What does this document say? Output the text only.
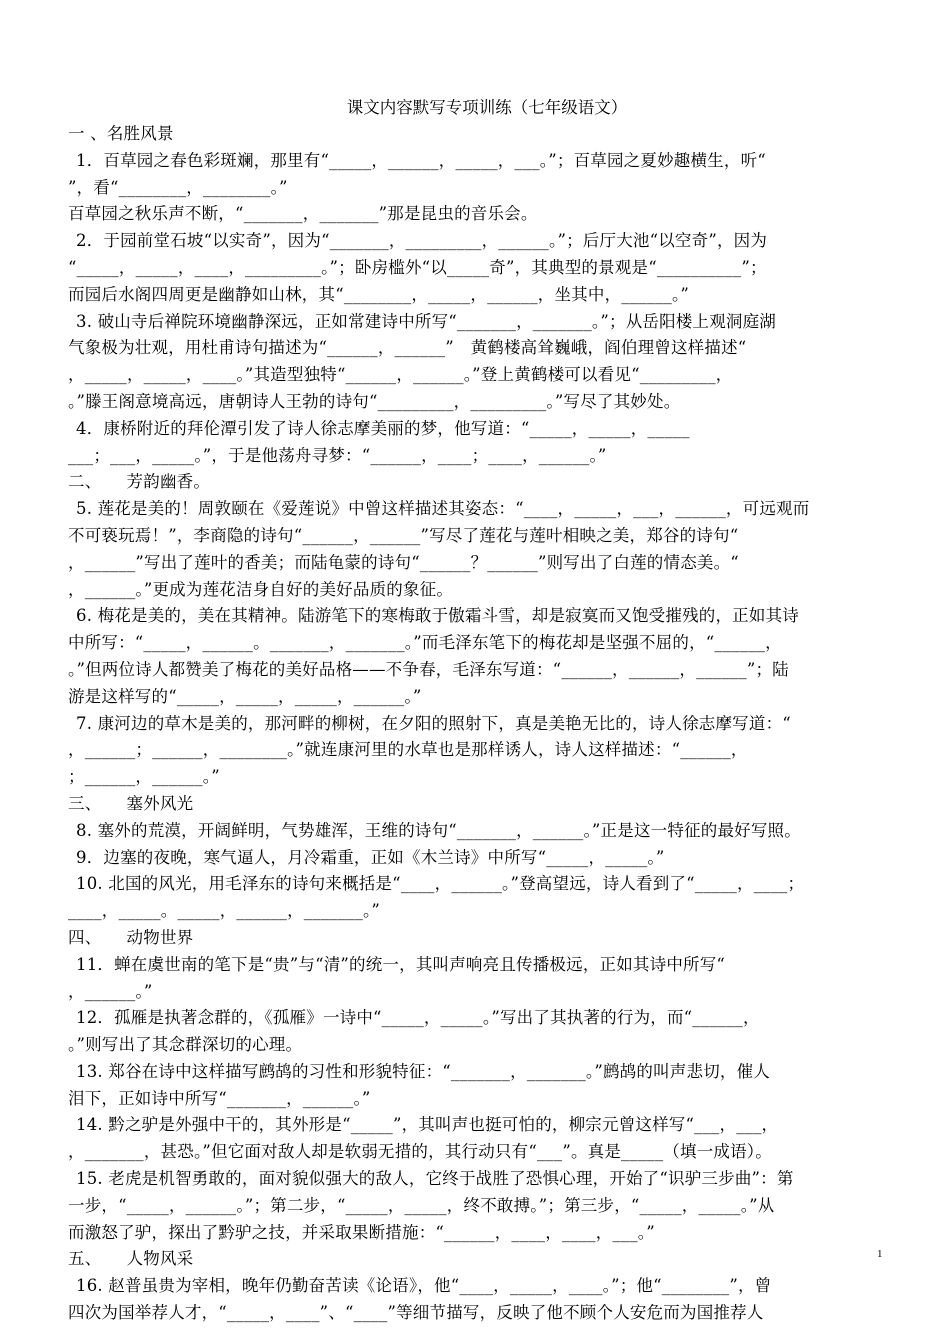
课文内容默写专项训练（七年级语文）
一 、名胜风景
1．百草园之春色彩斑斓，那里有“_____，______，_____，___。”；百草园之夏妙趣横生，听“
”，看“________，________。”
百草园之秋乐声不断，“_______，_______”那是昆虫的音乐会。
2．于园前堂石坡“以实奇”，因为“_______，_________，______。”；后厅大池“以空奇”，因为
“_____，_____，____，_________。”；卧房槛外“以_____奇”，其典型的景观是“__________”；
而园后水阁四周更是幽静如山林，其“________，_____，______，坐其中，______。”
3. 破山寺后禅院环境幽静深远，正如常建诗中所写“_______，_______。”；从岳阳楼上观洞庭湖
气象极为壮观，用杜甫诗句描述为“______，______”　黄鹤楼高耸巍峨，阎伯理曾这样描述“
，_____，_____，____。”其造型独特“______，______。”登上黄鹤楼可以看见“_________，
。”滕王阁意境高远，唐朝诗人王勃的诗句“_________，_________。”写尽了其妙处。
4．康桥附近的拜伦潭引发了诗人徐志摩美丽的梦，他写道：“_____，_____，_____
___；___，_____。”，于是他荡舟寻梦：“______，____；____，______。”
二、　　芳韵幽香。
5. 莲花是美的！周敦颐在《爱莲说》中曾这样描述其姿态：“____，_____，___，______，可远观而
不可亵玩焉！”，李商隐的诗句“______，______”写尽了莲花与莲叶相映之美，郑谷的诗句“
，______”写出了莲叶的香美；而陆龟蒙的诗句“______？______”则写出了白莲的情态美。“
，______。”更成为莲花洁身自好的美好品质的象征。
6. 梅花是美的，美在其精神。陆游笔下的寒梅敢于傲霜斗雪，却是寂寞而又饱受摧残的，正如其诗
中所写：“_____，______。_______，_______。”而毛泽东笔下的梅花却是坚强不屈的，“______，
。”但两位诗人都赞美了梅花的美好品格——不争春，毛泽东写道：“______，______，______”；陆
游是这样写的“_____，_____，_____，______。”
7. 康河边的草木是美的，那河畔的柳树，在夕阳的照射下，真是美艳无比的，诗人徐志摩写道：“
，______；______，________。”就连康河里的水草也是那样诱人，诗人这样描述：“______，
；______，______。”
三、　　塞外风光
8. 塞外的荒漠，开阔鲜明，气势雄浑，王维的诗句“_______，______。”正是这一特征的最好写照。
9．边塞的夜晚，寒气逼人，月冷霜重，正如《木兰诗》中所写“_____，_____。”
10. 北国的风光，用毛泽东的诗句来概括是“____，______。”登高望远，诗人看到了“_____，____；
____，_____。_____，______，_______。”
四、　　动物世界
11．蝉在虞世南的笔下是“贵”与“清”的统一，其叫声响亮且传播极远，正如其诗中所写“
，______。”
12．孤雁是执著念群的，《孤雁》一诗中“_____，_____。”写出了其执著的行为，而“______，
。”则写出了其念群深切的心理。
13. 郑谷在诗中这样描写鹧鸪的习性和形貌特征：“_______，_______。”鹧鸪的叫声悲切，催人
泪下，正如诗中所写“_______，______。”
14. 黔之驴是外强中干的，其外形是“_____”，其叫声也挺可怕的，柳宗元曾这样写“___，___，
，_______，甚恐。”但它面对敌人却是软弱无措的，其行动只有“___”。真是_____（填一成语）。
15. 老虎是机智勇敢的，面对貌似强大的敌人，它终于战胜了恐惧心理，开始了“识驴三步曲”：第
一步，“_____，______。”；第二步，“_____，_____，终不敢搏。”；第三步，“_____，_____。”从
而激怒了驴，探出了黔驴之技，并采取果断措施：“______，____，____，___。”
五、　　人物风采
16. 赵普虽贵为宰相，晚年仍勤奋苦读《论语》，他“____，_____，____。”；他“________”，曾
四次为国举荐人才，“_____，____”、“____”等细节描写，反映了他不顾个人安危而为国推荐人
1
